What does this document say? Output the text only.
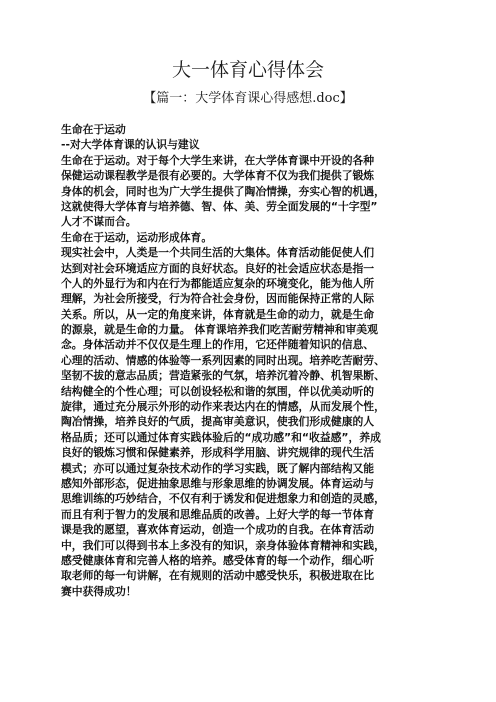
大一体育心得体会
【篇一：大学体育课心得感想.doc】
生命在于运动
--对大学体育课的认识与建议
生命在于运动。对于每个大学生来讲，在大学体育课中开设的各种
保健运动课程教学是很有必要的。大学体育不仅为我们提供了锻炼
身体的机会，同时也为广大学生提供了陶冶情操，夯实心智的机遇，
这就使得大学体育与培养德、智、体、美、劳全面发展的“十字型”
人才不谋而合。
生命在于运动，运动形成体育。
现实社会中，人类是一个共同生活的大集体。体育活动能促使人们
达到对社会环境适应方面的良好状态。良好的社会适应状态是指一
个人的外显行为和内在行为都能适应复杂的环境变化，能为他人所
理解，为社会所接受，行为符合社会身份，因而能保持正常的人际
关系。所以，从一定的角度来讲，体育就是生命的动力，就是生命
的源泉，就是生命的力量。 体育课培养我们吃苦耐劳精神和审美观
念。身体活动并不仅仅是生理上的作用，它还伴随着知识的信息、
心理的活动、情感的体验等一系列因素的同时出现。培养吃苦耐劳、
坚韧不拔的意志品质；营造紧张的气氛，培养沉着冷静、机智果断、
结构健全的个性心理；可以创设轻松和谐的氛围，伴以优美动听的
旋律，通过充分展示外形的动作来表达内在的情感，从而发展个性，
陶冶情操，培养良好的气质，提高审美意识，使我们形成健康的人
格品质；还可以通过体育实践体验后的“成功感”和“收益感”，养成
良好的锻炼习惯和保健素养，形成科学用脑、讲究规律的现代生活
模式；亦可以通过复杂技术动作的学习实践，既了解内部结构又能
感知外部形态，促进抽象思维与形象思维的协调发展。体育运动与
思维训练的巧妙结合，不仅有利于诱发和促进想象力和创造的灵感，
而且有利于智力的发展和思维品质的改善。上好大学的每一节体育
课是我的愿望，喜欢体育运动，创造一个成功的自我。在体育活动
中，我们可以得到书本上多没有的知识，亲身体验体育精神和实践，
感受健康体育和完善人格的培养。感受体育的每一个动作，细心听
取老师的每一句讲解，在有规则的活动中感受快乐，积极进取在比
赛中获得成功！
